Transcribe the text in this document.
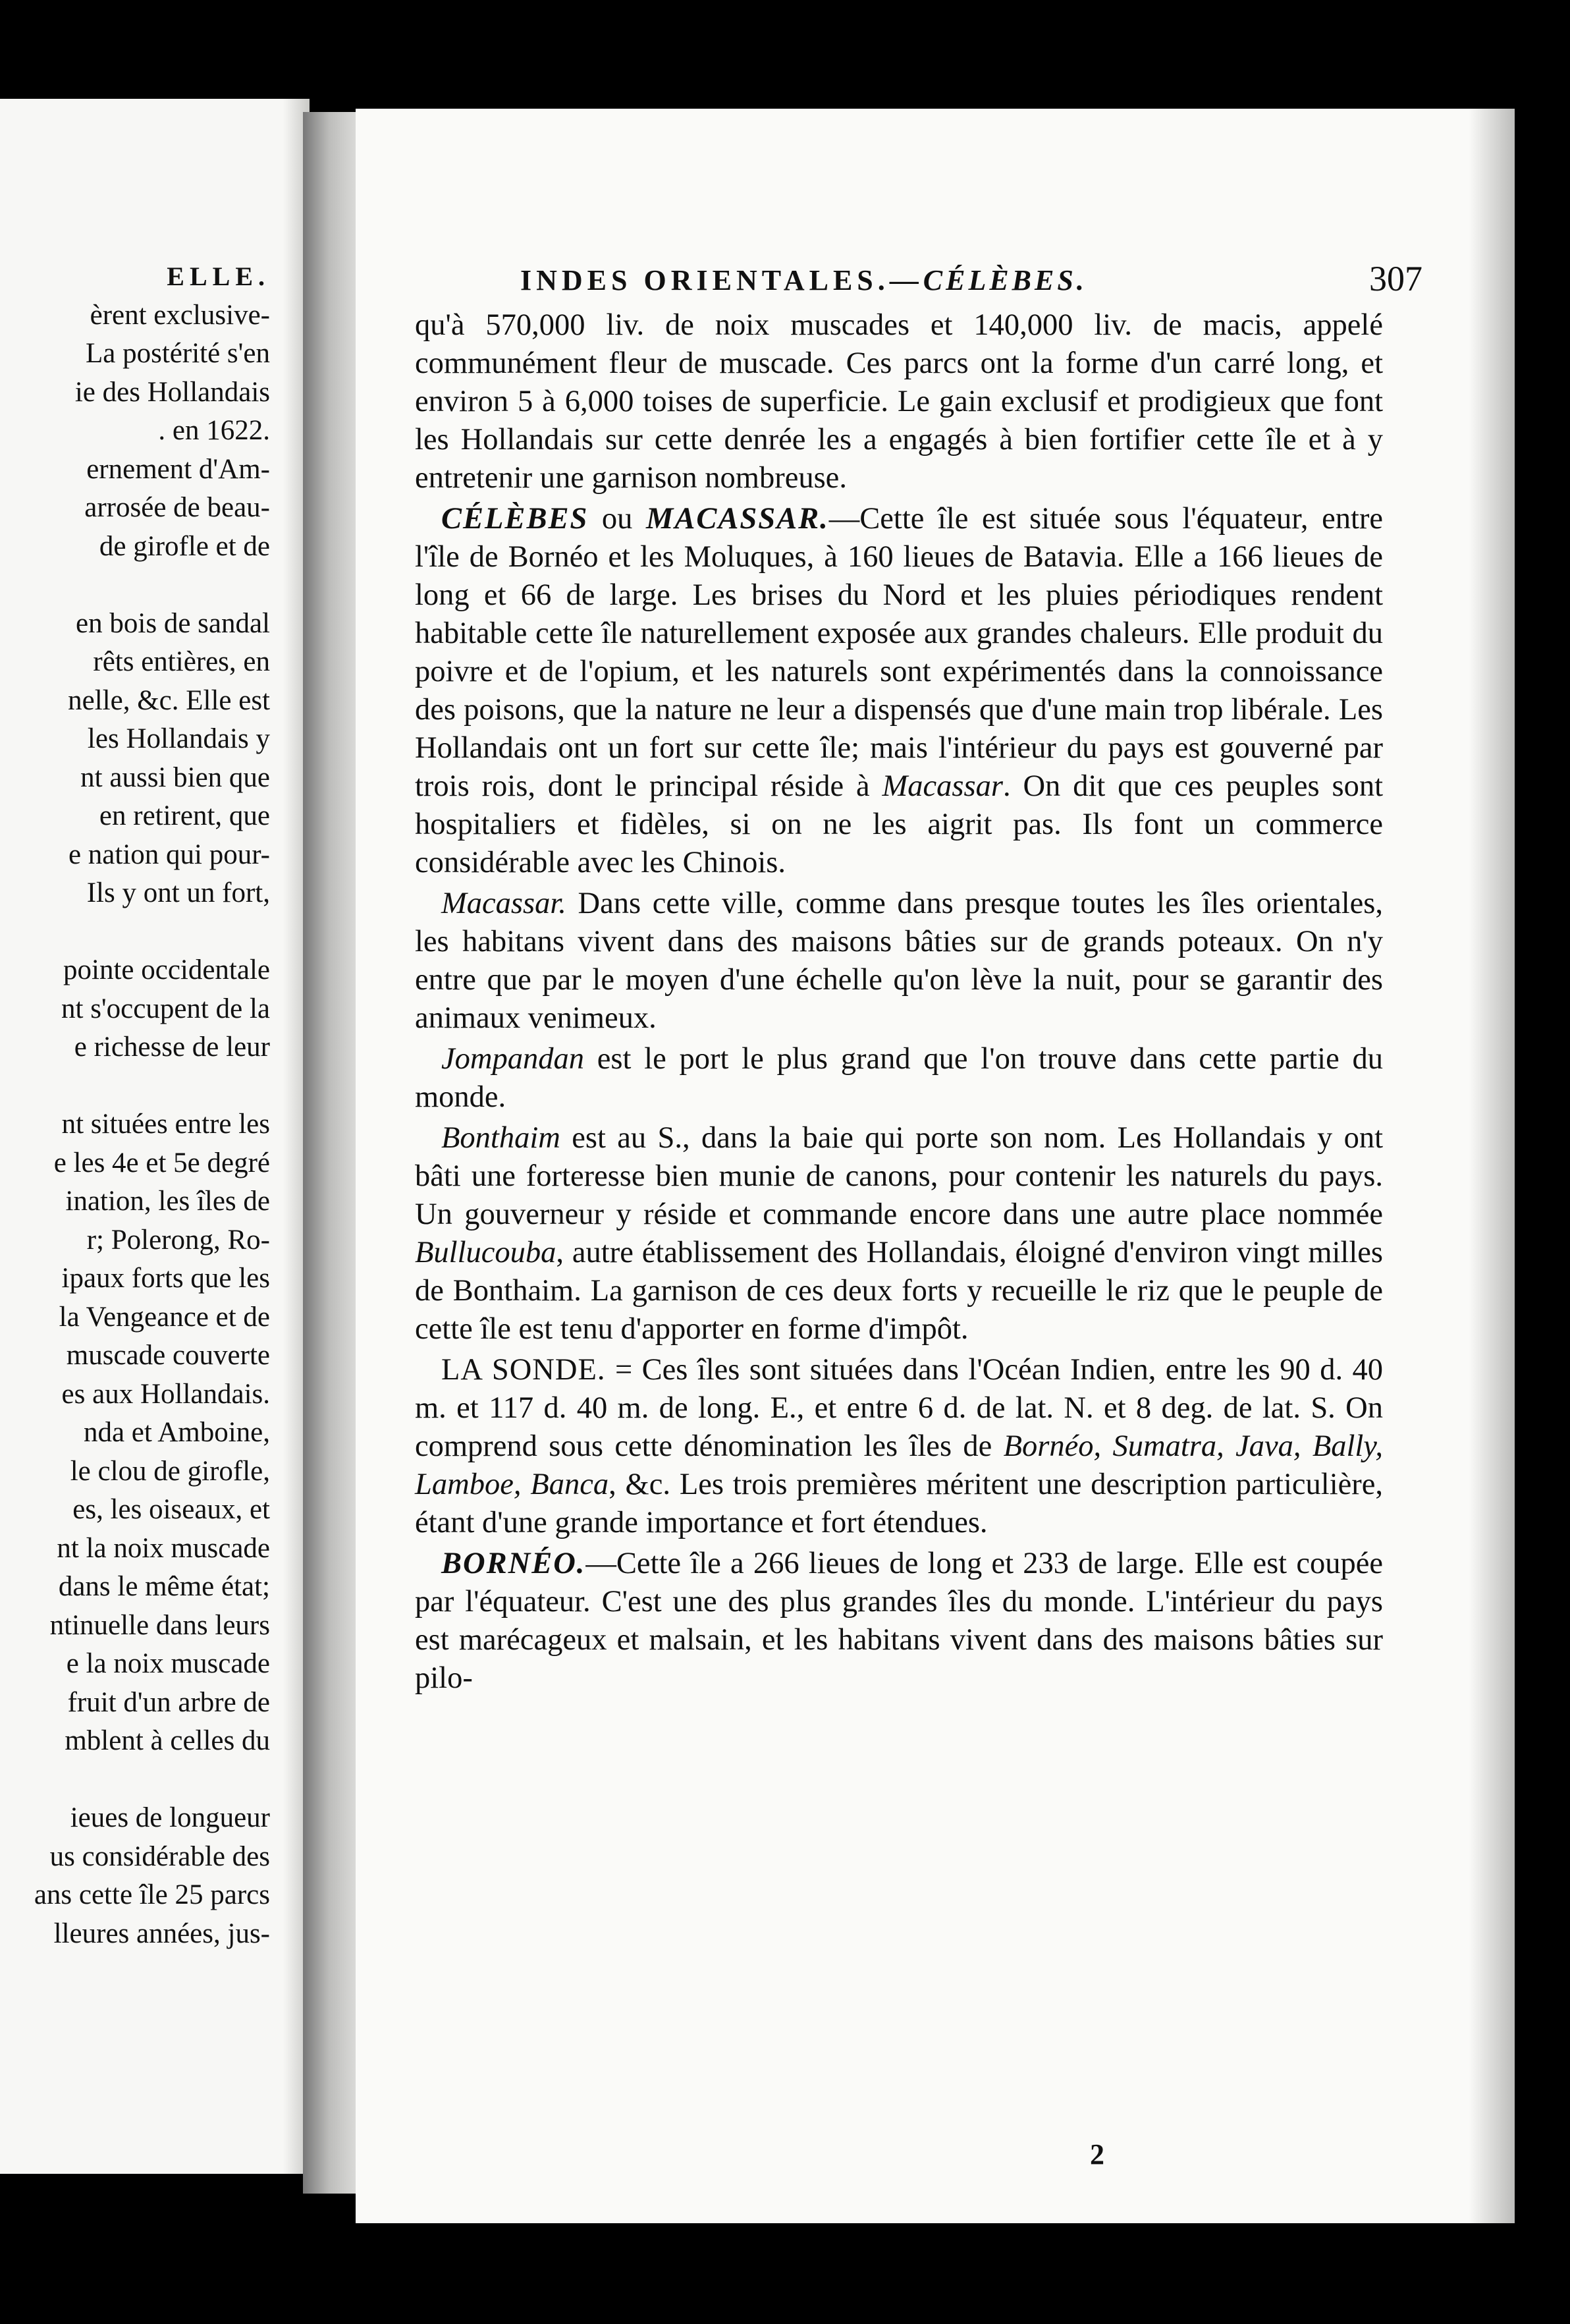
ELLE.
èrent exclusive-
La postérité s'en
ie des Hollandais
. en 1622.
ernement d'Am-
arrosée de beau-
de girofle et de
en bois de sandal
rêts entières, en
nelle, &c. Elle est
les Hollandais y
nt aussi bien que
en retirent, que
e nation qui pour-
Ils y ont un fort,
pointe occidentale
nt s'occupent de la
e richesse de leur
nt situées entre les
e les 4e et 5e degré
ination, les îles de
r; Polerong, Ro-
ipaux forts que les
la Vengeance et de
muscade couverte
es aux Hollandais.
nda et Amboine,
le clou de girofle,
es, les oiseaux, et
nt la noix muscade
dans le même état;
ntinuelle dans leurs
e la noix muscade
fruit d'un arbre de
mblent à celles du
ieues de longueur
us considérable des
ans cette île 25 parcs
lleures années, jus-
INDES ORIENTALES.—CÉLÈBES.	307

qu'à 570,000 liv. de noix muscades et 140,000 liv. de macis, appelé communément fleur de muscade. Ces parcs ont la forme d'un carré long, et environ 5 à 6,000 toises de superficie. Le gain exclusif et prodigieux que font les Hollandais sur cette denrée les a engagés à bien fortifier cette île et à y entretenir une garnison nombreuse.

CÉLÈBES ou MACASSAR.—Cette île est située sous l'équateur, entre l'île de Bornéo et les Moluques, à 160 lieues de Batavia. Elle a 166 lieues de long et 66 de large. Les brises du Nord et les pluies périodiques rendent habitable cette île naturellement exposée aux grandes chaleurs. Elle produit du poivre et de l'opium, et les naturels sont expérimentés dans la connoissance des poisons, que la nature ne leur a dispensés que d'une main trop libérale. Les Hollandais ont un fort sur cette île; mais l'intérieur du pays est gouverné par trois rois, dont le principal réside à Macassar. On dit que ces peuples sont hospitaliers et fidèles, si on ne les aigrit pas. Ils font un commerce considérable avec les Chinois.

Macassar. Dans cette ville, comme dans presque toutes les îles orientales, les habitans vivent dans des maisons bâties sur de grands poteaux. On n'y entre que par le moyen d'une échelle qu'on lève la nuit, pour se garantir des animaux venimeux.

Jompandan est le port le plus grand que l'on trouve dans cette partie du monde.

Bonthaim est au S., dans la baie qui porte son nom. Les Hollandais y ont bâti une forteresse bien munie de canons, pour contenir les naturels du pays. Un gouverneur y réside et commande encore dans une autre place nommée Bullucouba, autre établissement des Hollandais, éloigné d'environ vingt milles de Bonthaim. La garnison de ces deux forts y recueille le riz que le peuple de cette île est tenu d'apporter en forme d'impôt.

LA SONDE. = Ces îles sont situées dans l'Océan Indien, entre les 90 d. 40 m. et 117 d. 40 m. de long. E., et entre 6 d. de lat. N. et 8 deg. de lat. S. On comprend sous cette dénomination les îles de Bornéo, Sumatra, Java, Bally, Lamboe, Banca, &c. Les trois premières méritent une description particulière, étant d'une grande importance et fort étendues.

BORNÉO.—Cette île a 266 lieues de long et 233 de large. Elle est coupée par l'équateur. C'est une des plus grandes îles du monde. L'intérieur du pays est marécageux et malsain, et les habitans vivent dans des maisons bâties sur pilo-

2
